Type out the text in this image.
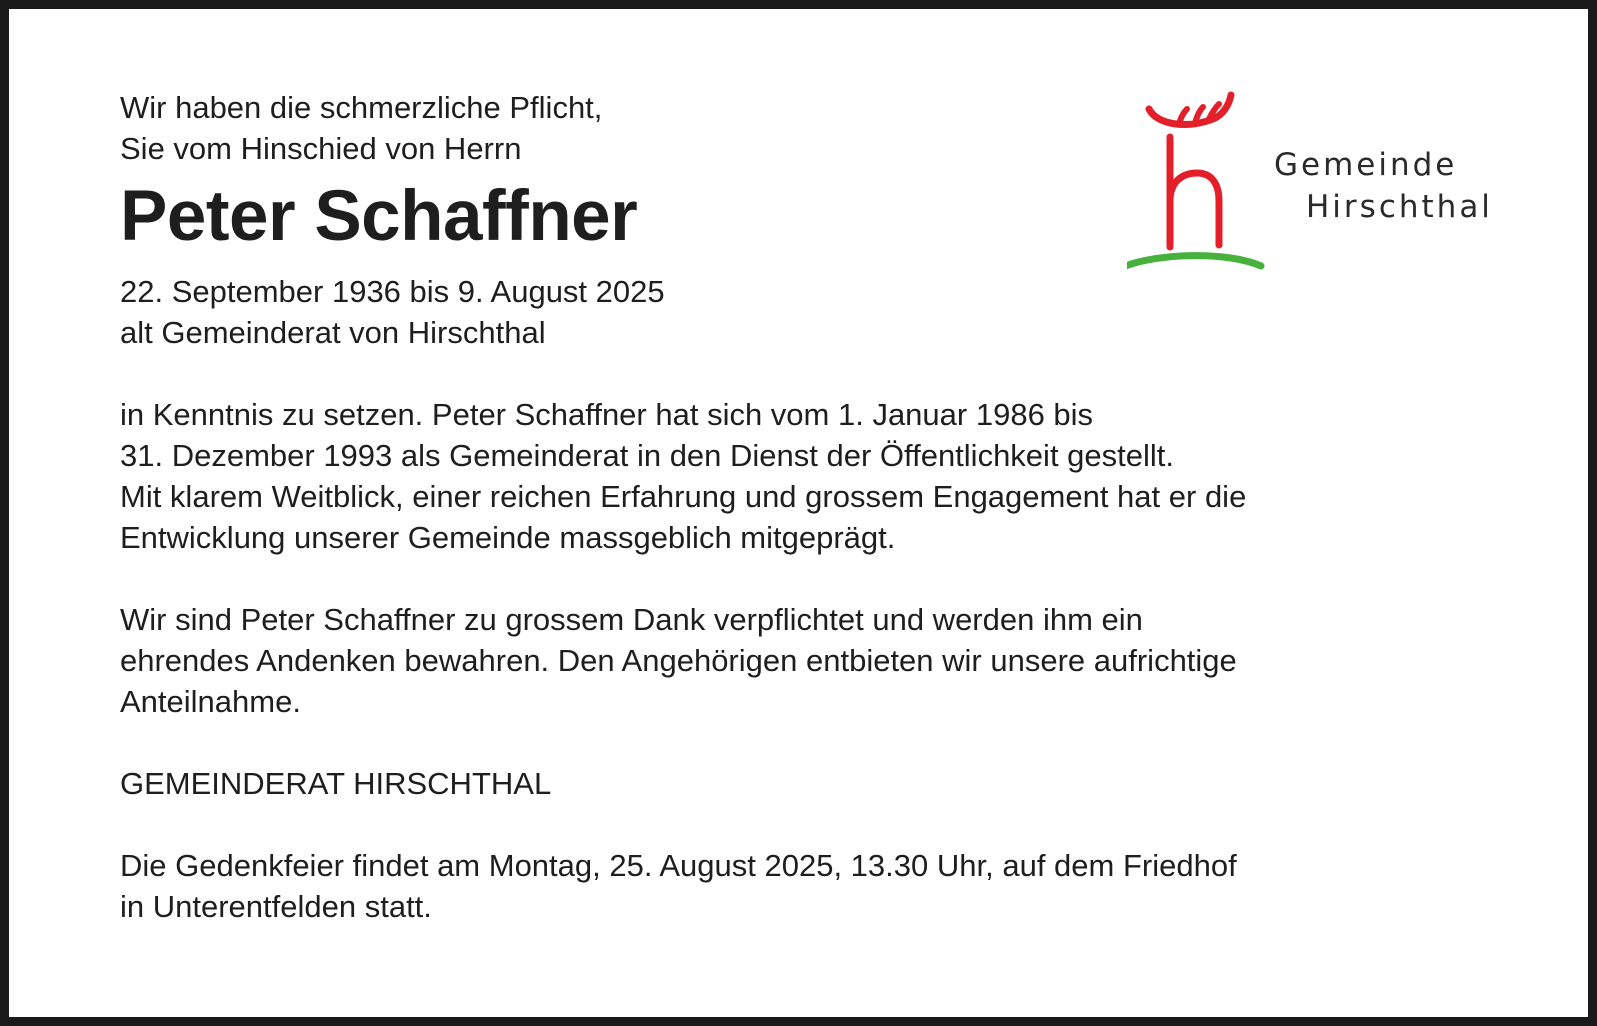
Gemeinde
Hirschthal

Wir haben die schmerzliche Pflicht,

Sie vom Hinschied von Herrn

Peter Schaffner

22. September 1936 bis 9. August 2025

alt Gemeinderat von Hirschthal

in Kenntnis zu setzen. Peter Schaffner hat sich vom 1. Januar 1986 bis

31. Dezember 1993 als Gemeinderat in den Dienst der Öffentlichkeit gestellt.

Mit klarem Weitblick, einer reichen Erfahrung und grossem Engagement hat er die

Entwicklung unserer Gemeinde massgeblich mitgeprägt.

Wir sind Peter Schaffner zu grossem Dank verpflichtet und werden ihm ein

ehrendes Andenken bewahren. Den Angehörigen entbieten wir unsere aufrichtige

Anteilnahme.

GEMEINDERAT HIRSCHTHAL

Die Gedenkfeier findet am Montag, 25. August 2025, 13.30 Uhr, auf dem Friedhof

in Unterentfelden statt.
